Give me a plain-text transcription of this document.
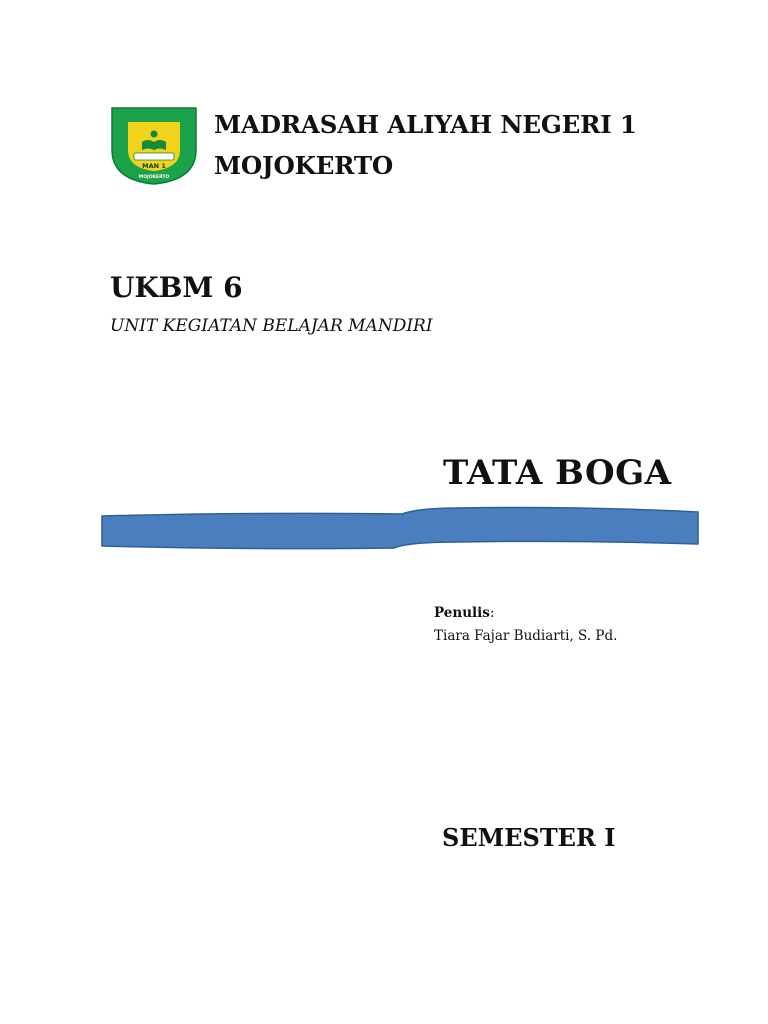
MAN 1
MOJOKERTO
MADRASAH ALIYAH NEGERI 1
MOJOKERTO
UKBM 6

UNIT KEGIATAN BELAJAR MANDIRI

TATA BOGA
Penulis:
Tiara Fajar Budiarti, S. Pd.
SEMESTER I
